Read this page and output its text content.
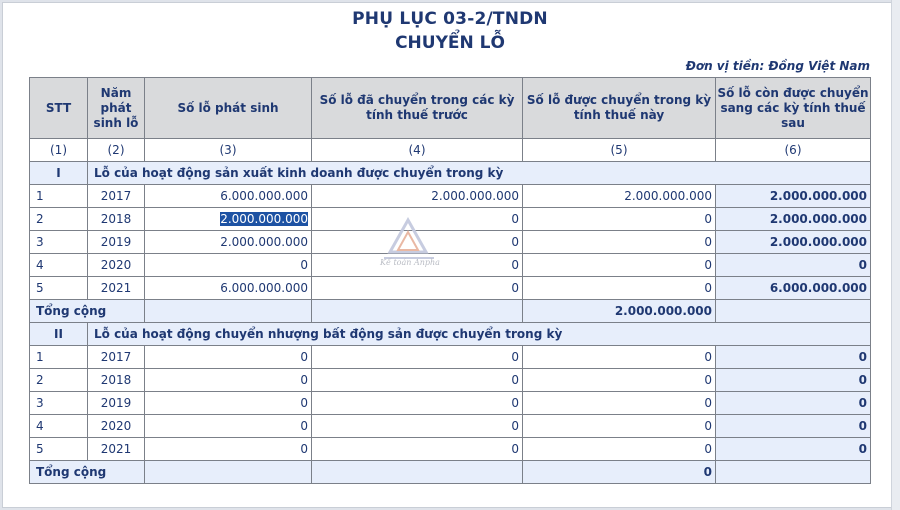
PHỤ LỤC 03-2/TNDN
CHUYỂN LỖ
Đơn vị tiền: Đồng Việt Nam
STT	Năm phát sinh lỗ	Số lỗ phát sinh	Số lỗ đã chuyển trong các kỳ tính thuế trước	Số lỗ được chuyển trong kỳ tính thuế này	Số lỗ còn được chuyển sang các kỳ tính thuế sau
(1)	(2)	(3)	(4)	(5)	(6)
I	Lỗ của hoạt động sản xuất kinh doanh được chuyển trong kỳ				
1	2017	6.000.000.000	2.000.000.000	2.000.000.000	2.000.000.000
2	2018	2.000.000.000	0	0	2.000.000.000
3	2019	2.000.000.000	0	0	2.000.000.000
4	2020	0	0	0	0
5	2021	6.000.000.000	0	0	6.000.000.000
Tổng cộng				2.000.000.000	
II	Lỗ của hoạt động chuyển nhượng bất động sản được chuyển trong kỳ				
1	2017	0	0	0	0
2	2018	0	0	0	0
3	2019	0	0	0	0
4	2020	0	0	0	0
5	2021	0	0	0	0
Tổng cộng				0	
Kế toán Anpha
